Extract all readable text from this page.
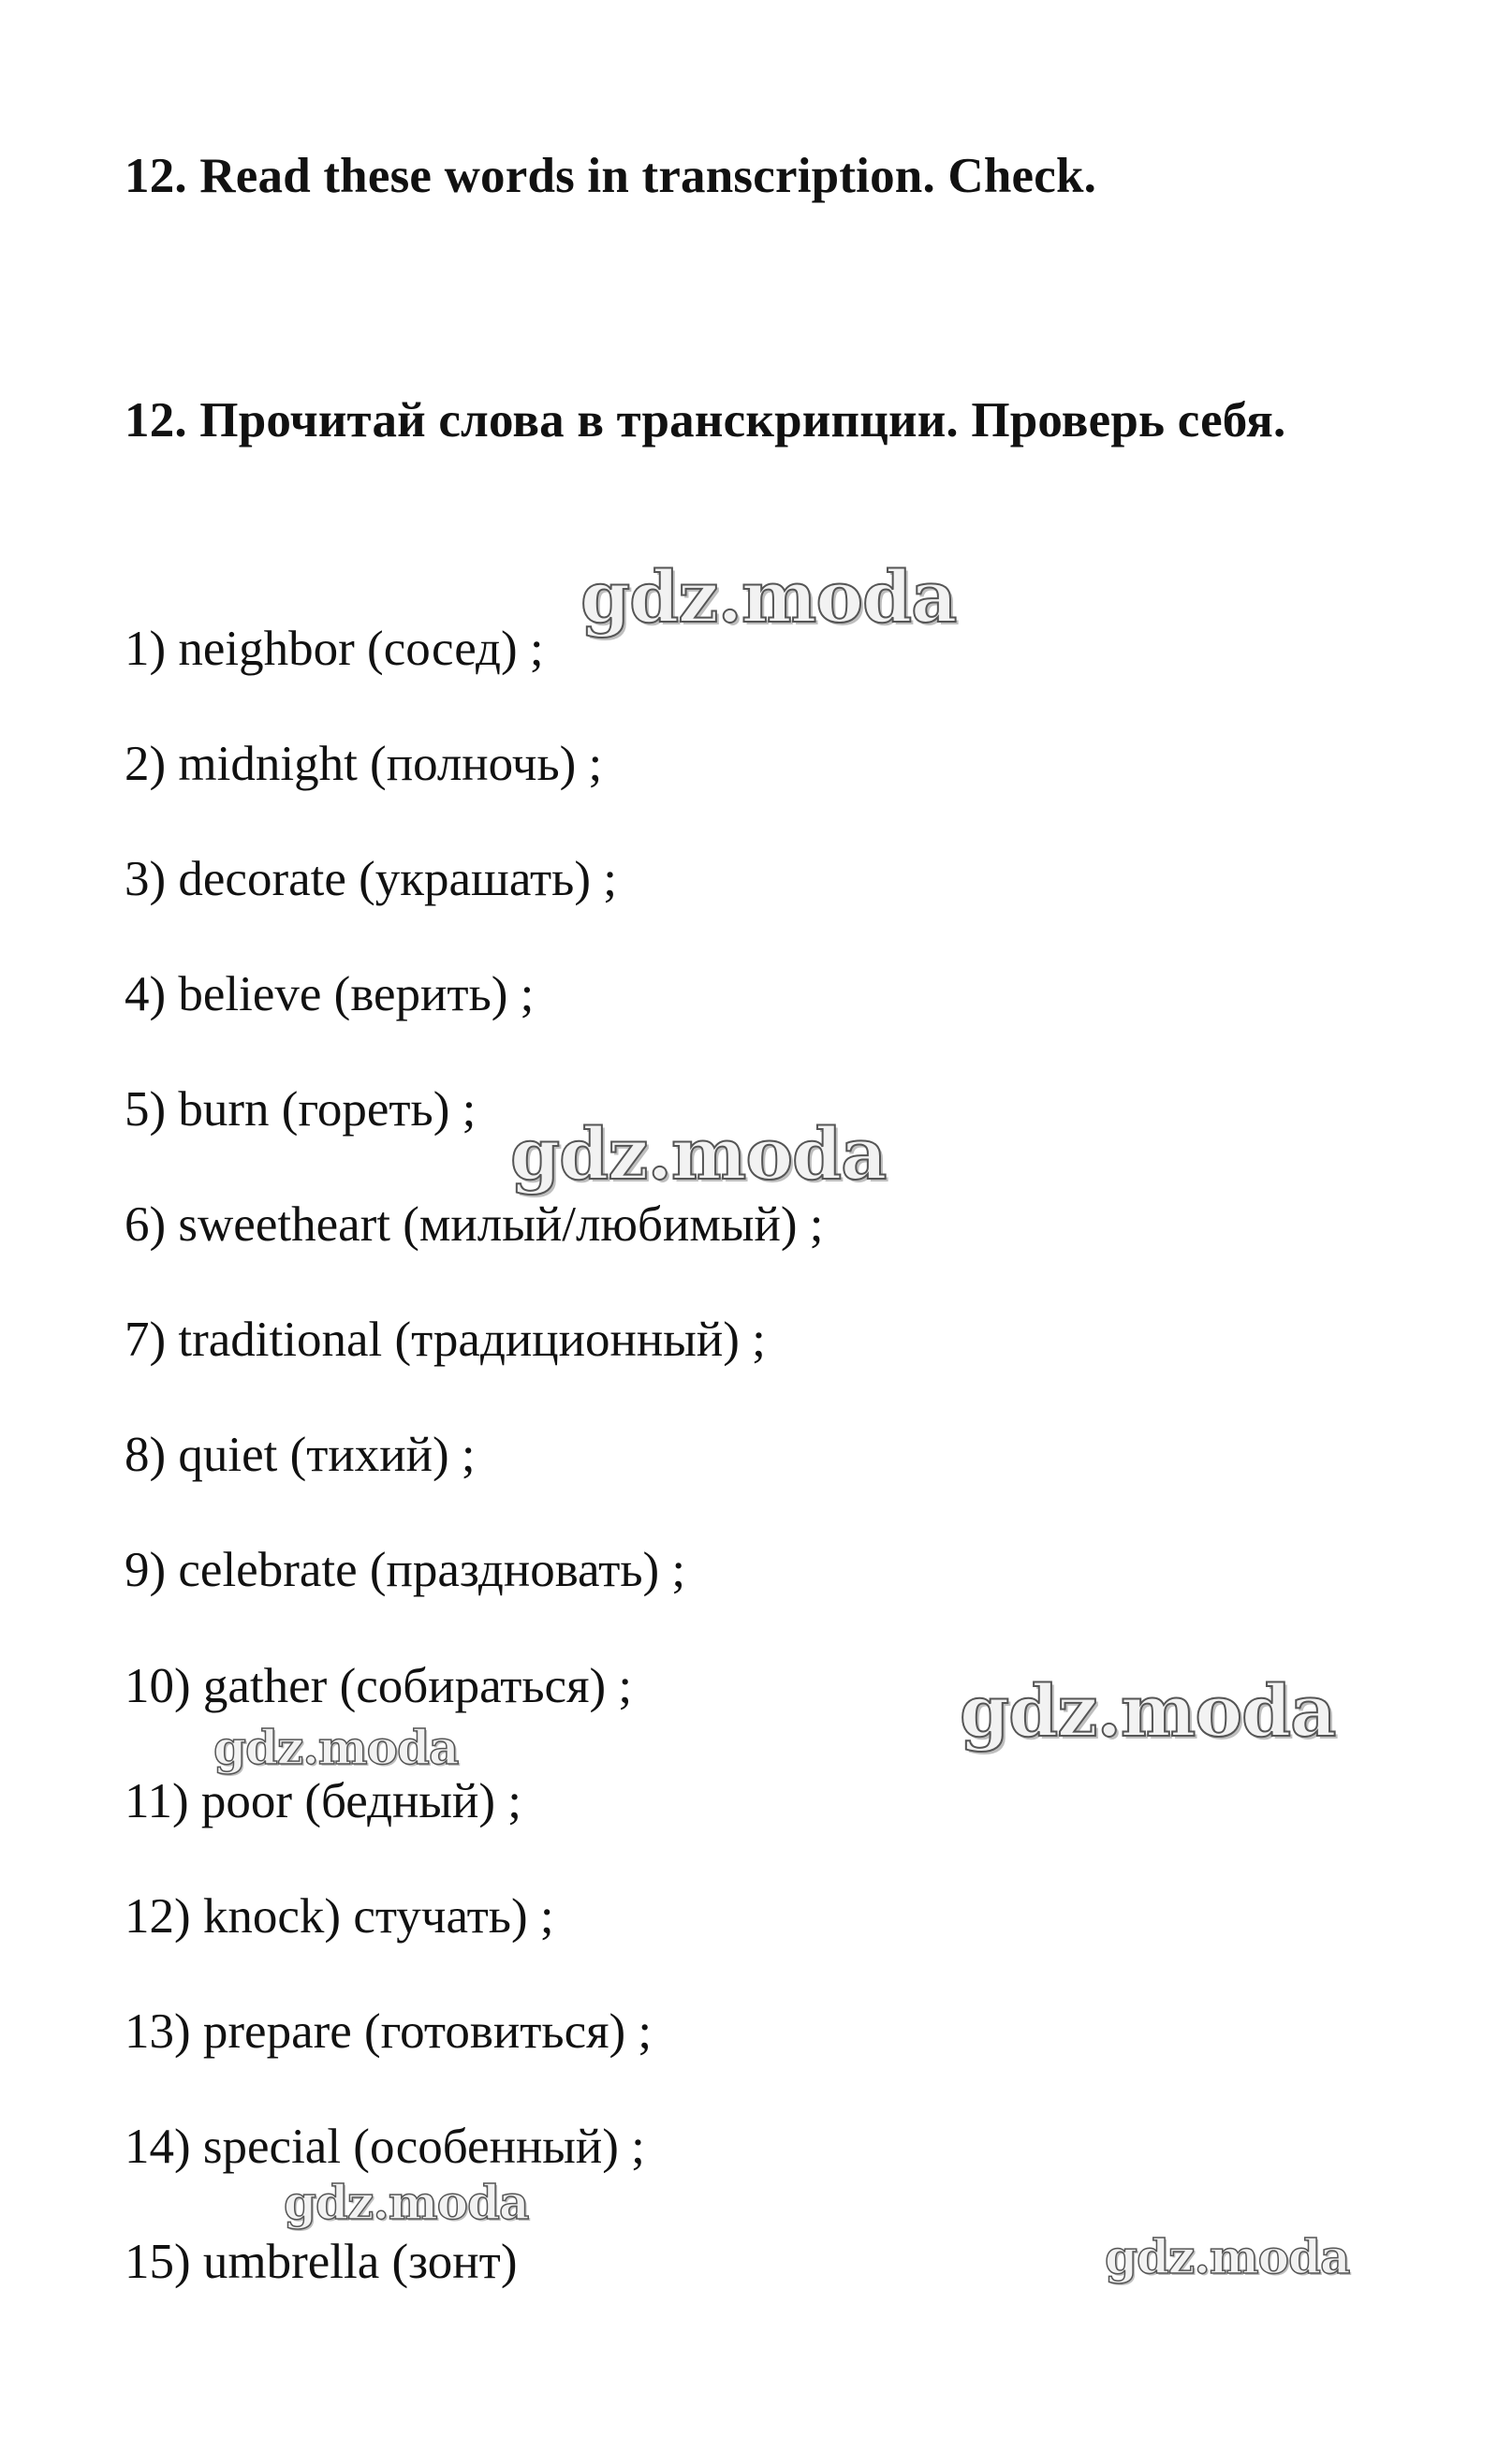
12. Read these words in transcription. Check.
12. Прочитай слова в транскрипции. Проверь себя.
1) neighbor (сосед) ;
2) midnight (полночь) ;
3) decorate (украшать) ;
4) believe (верить) ;
5) burn (гореть) ;
6) sweetheart (милый/любимый) ;
7) traditional (традиционный) ;
8) quiet (тихий) ;
9) celebrate (праздновать) ;
10) gather (собираться) ;
11) poor (бедный) ;
12) knock) стучать) ;
13) prepare (готовиться) ;
14) special (особенный) ;
15) umbrella (зонт)
gdz.moda
gdz.moda
gdz.moda
gdz.moda
gdz.moda
gdz.moda
